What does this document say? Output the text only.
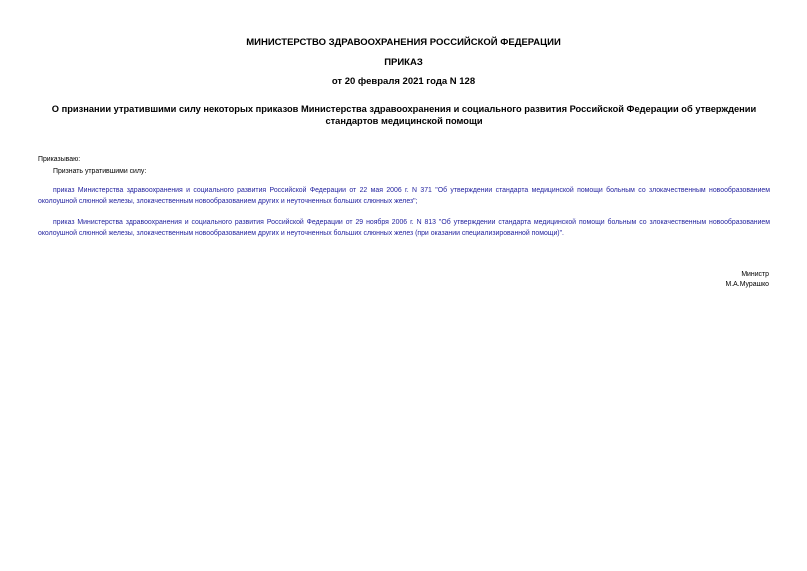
МИНИСТЕРСТВО ЗДРАВООХРАНЕНИЯ РОССИЙСКОЙ ФЕДЕРАЦИИ
ПРИКАЗ
от 20 февраля 2021 года N 128
О признании утратившими силу некоторых приказов Министерства здравоохранения и социального развития Российской Федерации об утверждении стандартов медицинской помощи
Приказываю:
Признать утратившими силу:
приказ Министерства здравоохранения и социального развития Российской Федерации от 22 мая 2006 г. N 371 "Об утверждении стандарта медицинской помощи больным со злокачественным новообразованием околоушной слюнной железы, злокачественным новообразованием других и неуточненных больших слюнных желез";
приказ Министерства здравоохранения и социального развития Российской Федерации от 29 ноября 2006 г. N 813 "Об утверждении стандарта медицинской помощи больным со злокачественным новообразованием околоушной слюнной железы, злокачественным новообразованием других и неуточненных больших слюнных желез (при оказании специализированной помощи)".
Министр
М.А.Мурашко
